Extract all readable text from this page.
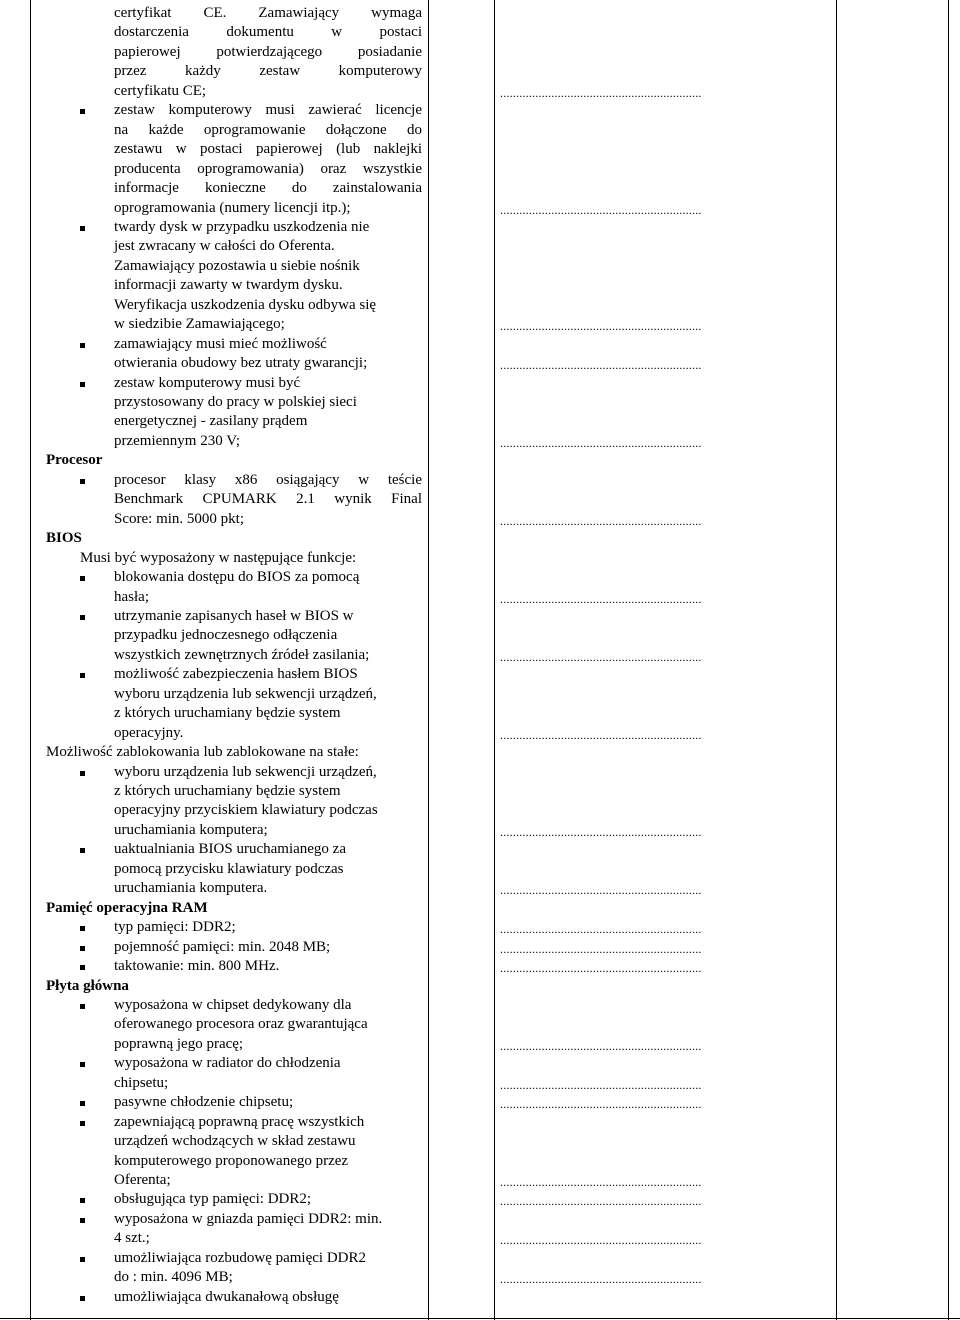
certyfikat CE. Zamawiający wymaga
dostarczenia dokumentu w postaci
papierowej potwierdzającego posiadanie
przez każdy zestaw komputerowy
certyfikatu CE;
zestaw komputerowy musi zawierać licencje
na każde oprogramowanie dołączone do
zestawu w postaci papierowej (lub naklejki
producenta oprogramowania) oraz wszystkie
informacje konieczne do zainstalowania
oprogramowania (numery licencji itp.);
twardy dysk w przypadku uszkodzenia nie
jest zwracany w całości do Oferenta.
Zamawiający pozostawia u siebie nośnik
informacji zawarty w twardym dysku.
Weryfikacja uszkodzenia dysku odbywa się
w siedzibie Zamawiającego;
zamawiający musi mieć możliwość
otwierania obudowy bez utraty gwarancji;
zestaw komputerowy musi być
przystosowany do pracy w polskiej sieci
energetycznej - zasilany prądem
przemiennym 230 V;
Procesor
procesor klasy x86 osiągający w teście
Benchmark CPUMARK 2.1 wynik Final
Score: min. 5000 pkt;
BIOS
Musi być wyposażony w następujące funkcje:
blokowania dostępu do BIOS za pomocą
hasła;
utrzymanie zapisanych haseł w BIOS w
przypadku jednoczesnego odłączenia
wszystkich zewnętrznych źródeł zasilania;
możliwość zabezpieczenia hasłem BIOS
wyboru urządzenia lub sekwencji urządzeń,
z których uruchamiany będzie system
operacyjny.
Możliwość zablokowania lub zablokowane na stałe:
wyboru urządzenia lub sekwencji urządzeń,
z których uruchamiany będzie system
operacyjny przyciskiem klawiatury podczas
uruchamiania komputera;
uaktualniania BIOS uruchamianego za
pomocą przycisku klawiatury podczas
uruchamiania komputera.
Pamięć operacyjna RAM
typ pamięci: DDR2;
pojemność pamięci: min. 2048 MB;
taktowanie: min. 800 MHz.
Płyta główna
wyposażona w chipset dedykowany dla
oferowanego procesora oraz gwarantująca
poprawną jego pracę;
wyposażona w radiator do chłodzenia
chipsetu;
pasywne chłodzenie chipsetu;
zapewniającą poprawną pracę wszystkich
urządzeń wchodzących w skład zestawu
komputerowego proponowanego przez
Oferenta;
obsługująca typ pamięci: DDR2;
wyposażona w gniazda pamięci DDR2: min.
4 szt.;
umożliwiająca rozbudowę pamięci DDR2
do : min. 4096 MB;
umożliwiająca dwukanałową obsługę
...............................................................
...............................................................
...............................................................
...............................................................
...............................................................
...............................................................
...............................................................
...............................................................
...............................................................
...............................................................
...............................................................
...............................................................
...............................................................
...............................................................
...............................................................
...............................................................
...............................................................
...............................................................
...............................................................
...............................................................
...............................................................
